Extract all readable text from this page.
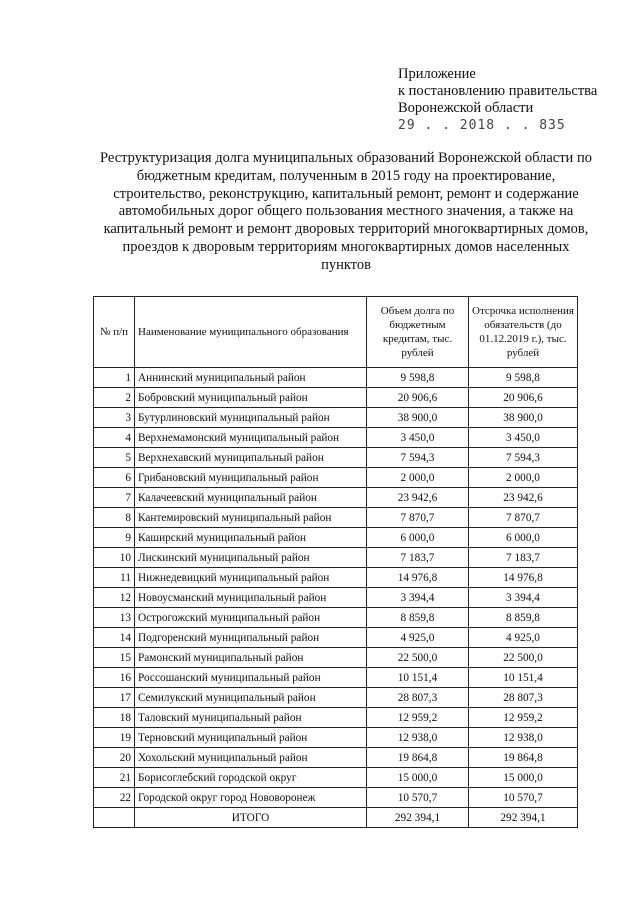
Приложение
к постановлению правительства
Воронежской области
29 . . 2018 . . 835
Реструктуризация долга муниципальных образований Воронежской области по бюджетным кредитам, полученным в 2015 году на проектирование, строительство, реконструкцию, капитальный ремонт, ремонт и содержание автомобильных дорог общего пользования местного значения, а также на капитальный ремонт и ремонт дворовых территорий многоквартирных домов, проездов к дворовым территориям многоквартирных домов населенных пунктов
№ п/п	Наименование муниципального образования	Объем долга по бюджетным кредитам, тыс. рублей	Отсрочка исполнения обязательств (до 01.12.2019 г.), тыс. рублей
1	Аннинский муниципальный район	9 598,8	9 598,8
2	Бобровский муниципальный район	20 906,6	20 906,6
3	Бутурлиновский муниципальный район	38 900,0	38 900,0
4	Верхнемамонский муниципальный район	3 450,0	3 450,0
5	Верхнехавский муниципальный район	7 594,3	7 594,3
6	Грибановский муниципальный район	2 000,0	2 000,0
7	Калачеевский муниципальный район	23 942,6	23 942,6
8	Кантемировский муниципальный район	7 870,7	7 870,7
9	Каширский муниципальный район	6 000,0	6 000,0
10	Лискинский муниципальный район	7 183,7	7 183,7
11	Нижнедевицкий муниципальный район	14 976,8	14 976,8
12	Новоусманский муниципальный район	3 394,4	3 394,4
13	Острогожский муниципальный район	8 859,8	8 859,8
14	Подгоренский муниципальный район	4 925,0	4 925,0
15	Рамонский муниципальный район	22 500,0	22 500,0
16	Россошанский муниципальный район	10 151,4	10 151,4
17	Семилукский муниципальный район	28 807,3	28 807,3
18	Таловский муниципальный район	12 959,2	12 959,2
19	Терновский муниципальный район	12 938,0	12 938,0
20	Хохольский муниципальный район	19 864,8	19 864,8
21	Борисоглебский городской округ	15 000,0	15 000,0
22	Городской округ город Нововоронеж	10 570,7	10 570,7
	ИТОГО	292 394,1	292 394,1
